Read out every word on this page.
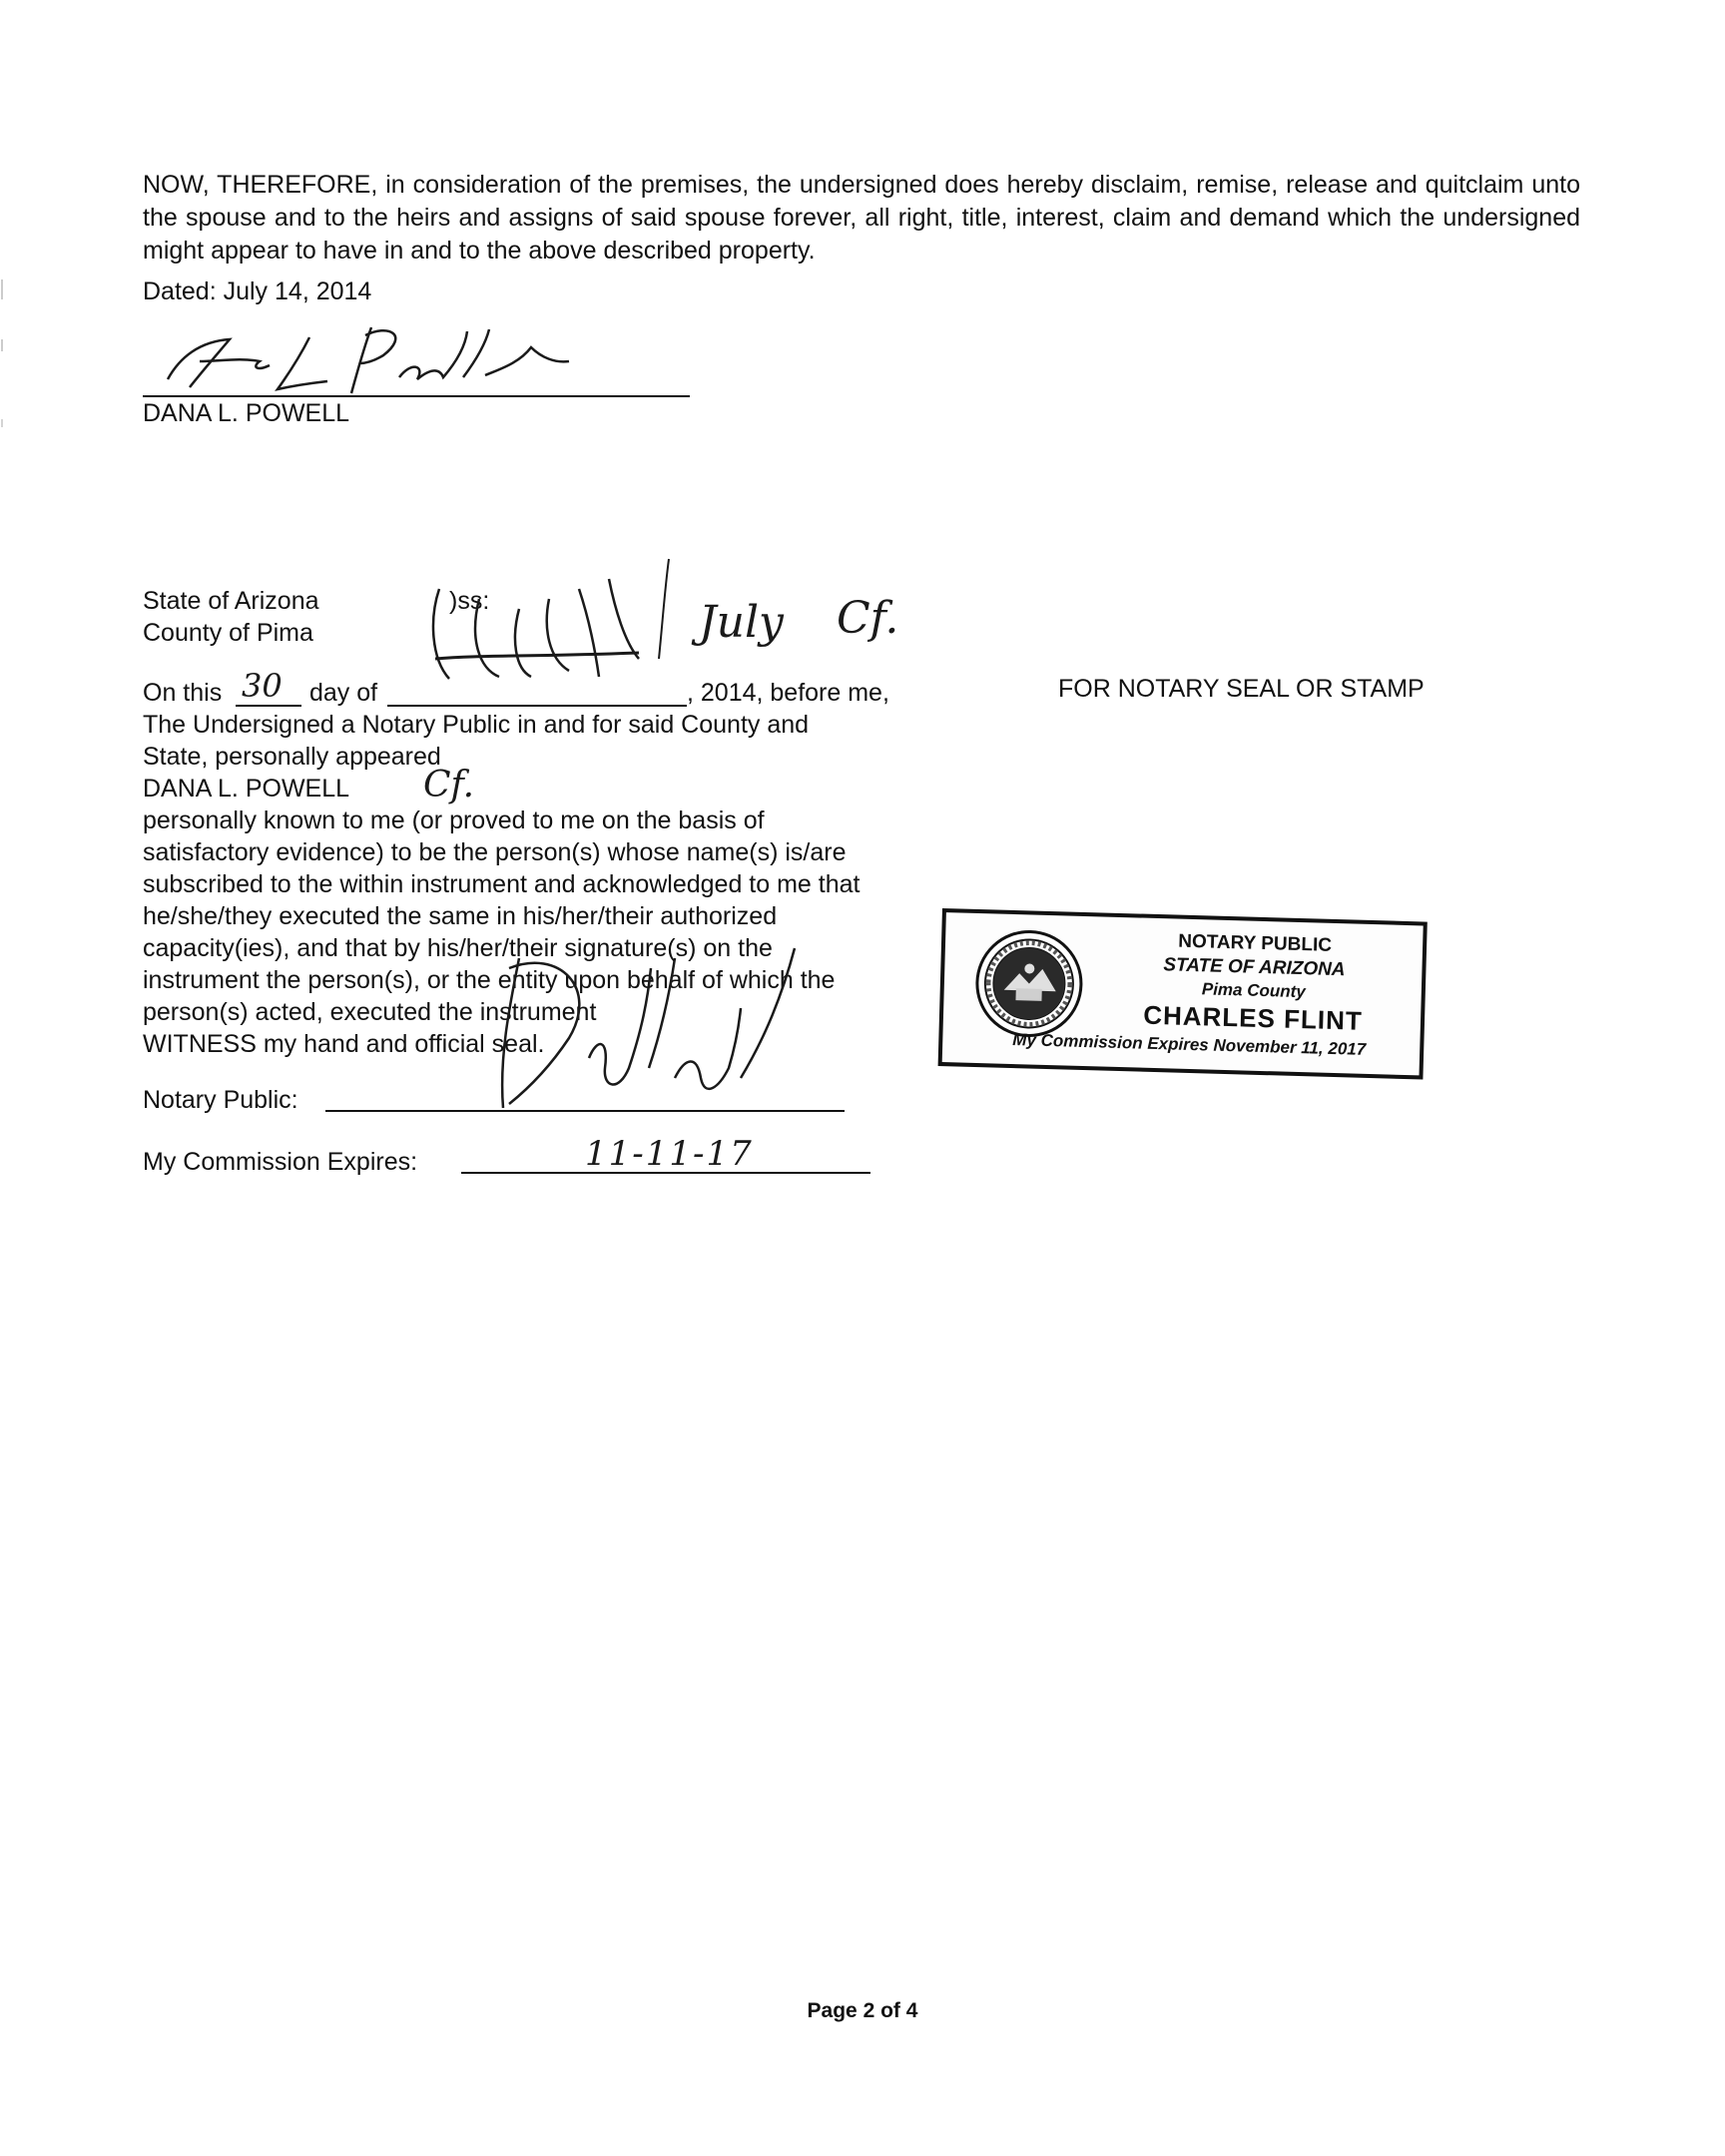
NOW, THEREFORE, in consideration of the premises, the undersigned does hereby disclaim, remise, release and quitclaim unto the spouse and to the heirs and assigns of said spouse forever, all right, title, interest, claim and demand which the undersigned might appear to have in and to the above described property.

Dated: July 14, 2014

DANA L. POWELL

State of Arizona

County of Pima

)ss:	July Cf.

On this 30 day of	, 2014, before me,	FOR NOTARY SEAL OR STAMP

The Undersigned a Notary Public in and for said County and

State, personally appeared

DANA L. POWELL Cf.

personally known to me (or proved to me on the basis of

satisfactory evidence) to be the person(s) whose name(s) is/are

subscribed to the within instrument and acknowledged to me that

he/she/they executed the same in his/her/their authorized

capacity(ies), and that by his/her/their signature(s) on the

instrument the person(s), or the entity upon behalf of which the

person(s) acted, executed the instrument

WITNESS my hand and official seal.

Notary Public:

My Commission Expires:	11-11-17
NOTARY PUBLIC
STATE OF ARIZONA
Pima County
CHARLES FLINT
My Commission Expires November 11, 2017
Page 2 of 4
